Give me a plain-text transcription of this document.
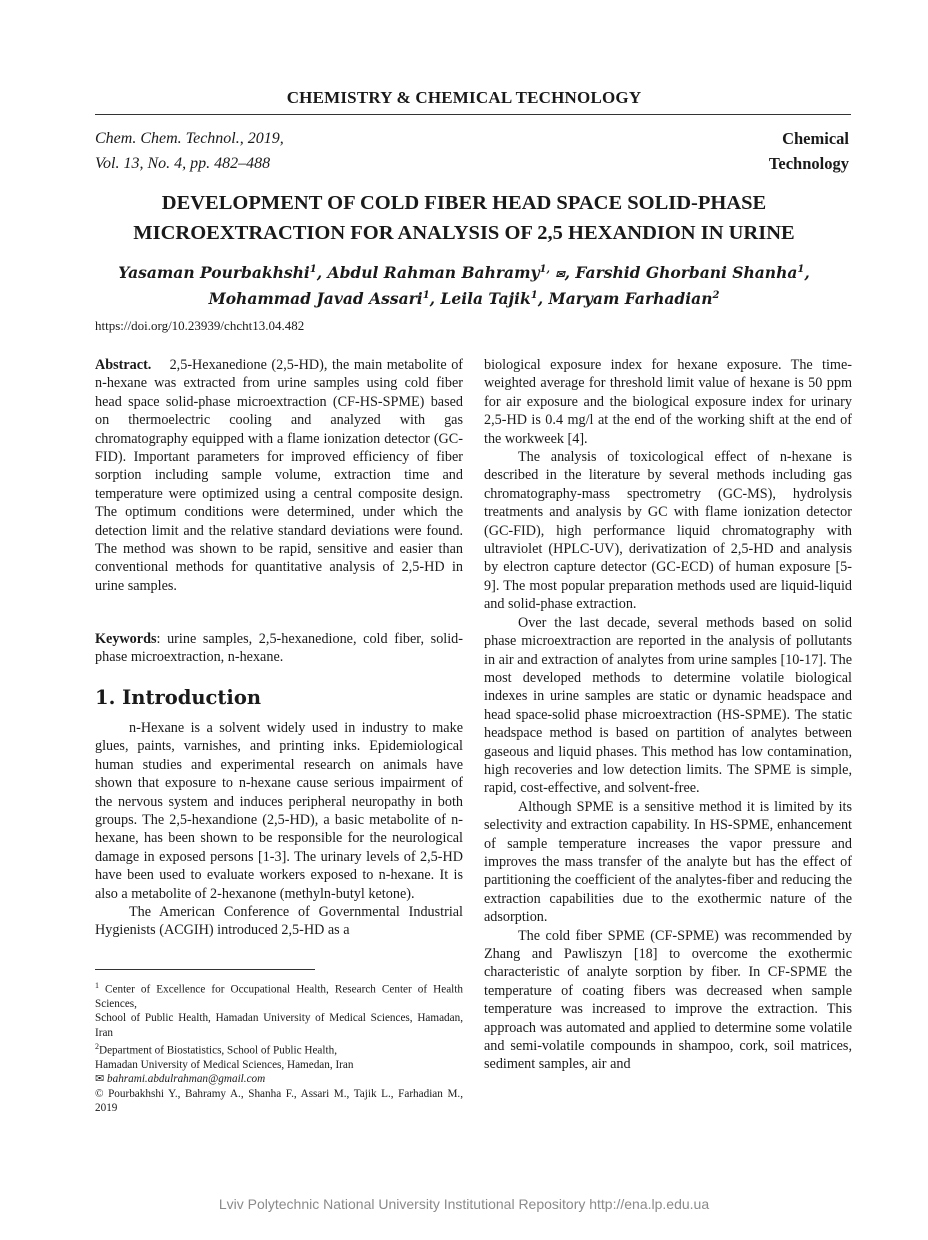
CHEMISTRY & CHEMICAL TECHNOLOGY
Chem. Chem. Technol., 2019,
Vol. 13, No. 4, pp. 482–488
Chemical
Technology
DEVELOPMENT OF COLD FIBER HEAD SPACE SOLID-PHASE
MICROEXTRACTION FOR ANALYSIS OF 2,5 HEXANDION IN URINE
Yasaman Pourbakhshi$^1$, Abdul Rahman Bahramy$^{1,}$ ✉, Farshid Ghorbani Shanha$^1$,
Mohammad Javad Assari$^1$, Leila Tajik$^1$, Maryam Farhadian$^2$
https://doi.org/10.23939/chcht13.04.482

Abstract. 2,5-Hexanedione (2,5-HD), the main metabolite of n-hexane was extracted from urine samples using cold fiber head space solid-phase microextraction (CF-HS-SPME) based on thermoelectric cooling and analyzed with gas chromatography equipped with a flame ionization detector (GC-FID). Important parameters for improved efficiency of fiber sorption including sample volume, extraction time and temperature were optimized using a central composite design. The optimum conditions were determined, under which the detection limit and the relative standard deviations were found. The method was shown to be rapid, sensitive and easier than conventional methods for quantitative analysis of 2,5-HD in urine samples.

Keywords: urine samples, 2,5-hexanedione, cold fiber, solid-phase microextraction, n-hexane.

1. Introduction

n-Hexane is a solvent widely used in industry to make glues, paints, varnishes, and printing inks. Epidemiological human studies and experimental research on animals have shown that exposure to n-hexane cause serious impairment of the nervous system and induces peripheral neuropathy in both groups. The 2,5-hexandione (2,5-HD), a basic metabolite of n-hexane, has been shown to be responsible for the neurological damage in exposed persons [1-3]. The urinary levels of 2,5-HD have been used to evaluate workers exposed to n-hexane. It is also a metabolite of 2-hexanone (methyln-butyl ketone).

The American Conference of Governmental Industrial Hygienists (ACGIH) introduced 2,5-HD as a

$^1$ Center of Excellence for Occupational Health, Research Center of Health Sciences,

School of Public Health, Hamadan University of Medical Sciences, Hamadan, Iran

$^2$Department of Biostatistics, School of Public Health,

Hamadan University of Medical Sciences, Hamedan, Iran

✉ bahrami.abdulrahman@gmail.com

© Pourbakhshi Y., Bahramy A., Shanha F., Assari M., Tajik L., Farhadian M., 2019

biological exposure index for hexane exposure. The time-weighted average for threshold limit value of hexane is 50 ppm for air exposure and the biological exposure index for urinary 2,5-HD is 0.4 mg/l at the end of the working shift at the end of the workweek [4].

The analysis of toxicological effect of n-hexane is described in the literature by several methods including gas chromatography-mass spectrometry (GC-MS), hydrolysis treatments and analysis by GC with flame ionization detector (GC-FID), high performance liquid chromatography with ultraviolet (HPLC-UV), derivatization of 2,5-HD and analysis by electron capture detector (GC-ECD) of human exposure [5-9]. The most popular preparation methods used are liquid-liquid and solid-phase extraction.

Over the last decade, several methods based on solid phase microextraction are reported in the analysis of pollutants in air and extraction of analytes from urine samples [10-17]. The most developed methods to determine volatile biological indexes in urine samples are static or dynamic headspace and head space-solid phase microextraction (HS-SPME). The static headspace method is based on partition of analytes between gaseous and liquid phases. This method has low contamination, high recoveries and low detection limits. The SPME is simple, rapid, cost-effective, and solvent-free.

Although SPME is a sensitive method it is limited by its selectivity and extraction capability. In HS-SPME, enhancement of sample temperature increases the vapor pressure and improves the mass transfer of the analyte but has the effect of partitioning the coefficient of the analytes-fiber and reducing the extraction capabilities due to the exothermic nature of the adsorption.

The cold fiber SPME (CF-SPME) was recommended by Zhang and Pawliszyn [18] to overcome the exothermic characteristic of analyte sorption by fiber. In CF-SPME the temperature of coating fibers was decreased when sample temperature was increased to improve the extraction. This approach was automated and applied to determine some volatile and semi-volatile compounds in shampoo, cork, soil matrices, sediment samples, air and

Lviv Polytechnic National University Institutional Repository http://ena.lp.edu.ua
